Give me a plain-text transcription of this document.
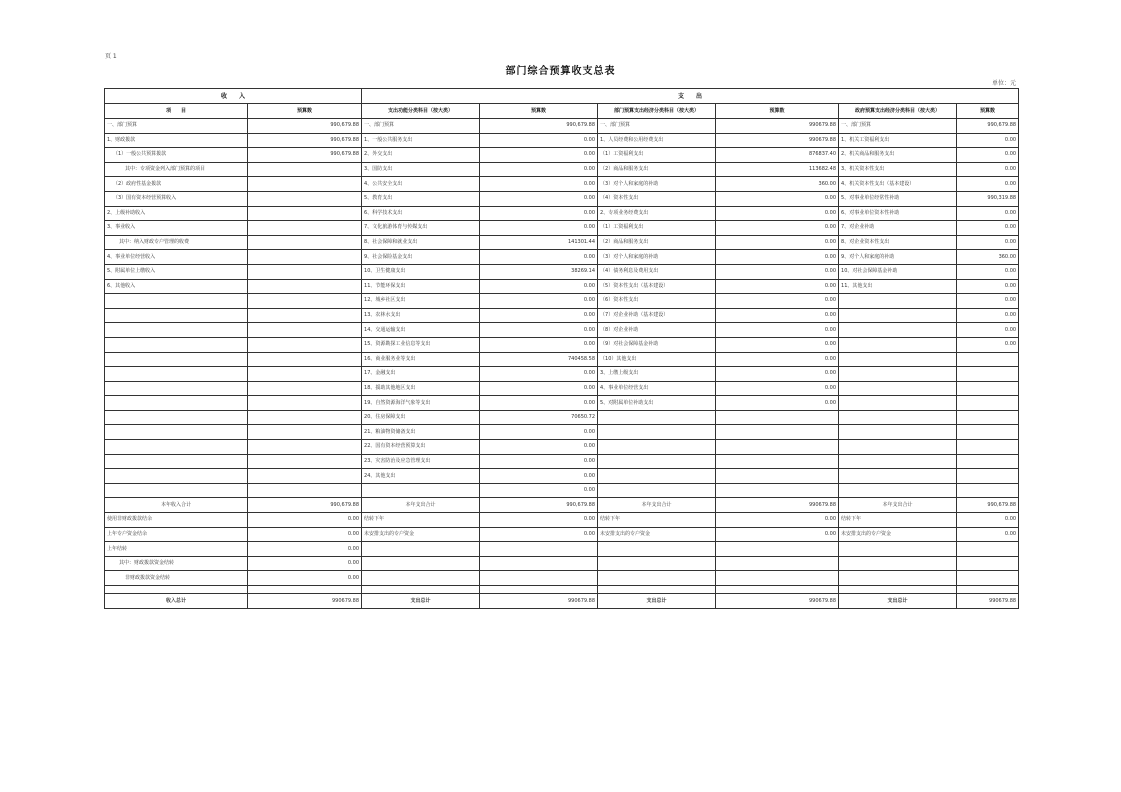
页 1
部门综合预算收支总表
单位：元
收　　入		支　　出					
项　　目	预算数	支出功能分类科目（按大类）	预算数	部门预算支出经济分类科目（按大类）	预算数	政府预算支出经济分类科目（按大类）	预算数
一、部门预算	990,679.88	一、部门预算	990,679.88	一、部门预算	990679.88	一、部门预算	990,679.88
1、财政拨款	990,679.88	1、一般公共服务支出	0.00	1、人员经费和公用经费支出	990679.88	1、机关工资福利支出	0.00
（1）一般公共预算拨款	990,679.88	2、外交支出	0.00	（1）工资福利支出	876837.40	2、机关商品和服务支出	0.00
其中：专项资金列入部门预算的项目		3、国防支出	0.00	（2）商品和服务支出	113682.48	3、机关资本性支出	0.00
（2）政府性基金拨款		4、公共安全支出	0.00	（3）对个人和家庭的补助	360.00	4、机关资本性支出（基本建设）	0.00
（3）国有资本经营预算收入		5、教育支出	0.00	（4）资本性支出	0.00	5、对事业单位经常性补助	990,319.88
2、上级补助收入		6、科学技术支出	0.00	2、专项业务经费支出	0.00	6、对事业单位资本性补助	0.00
3、事业收入		7、文化旅游体育与传媒支出	0.00	（1）工资福利支出	0.00	7、对企业补助	0.00
其中：纳入财政专户管理的收费		8、社会保障和就业支出	141301.44	（2）商品和服务支出	0.00	8、对企业资本性支出	0.00
4、事业单位经营收入		9、社会保险基金支出	0.00	（3）对个人和家庭的补助	0.00	9、对个人和家庭的补助	360.00
5、附属单位上缴收入		10、卫生健康支出	38269.14	（4）债务利息及费用支出	0.00	10、对社会保障基金补助	0.00
6、其他收入		11、节能环保支出	0.00	（5）资本性支出（基本建设）	0.00	11、其他支出	0.00
		12、城乡社区支出	0.00	（6）资本性支出	0.00		0.00
		13、农林水支出	0.00	（7）对企业补助（基本建设）	0.00		0.00
		14、交通运输支出	0.00	（8）对企业补助	0.00		0.00
		15、资源勘探工业信息等支出	0.00	（9）对社会保障基金补助	0.00		0.00
		16、商业服务业等支出	740458.58	（10）其他支出	0.00		
		17、金融支出	0.00	3、上缴上级支出	0.00		
		18、援助其他地区支出	0.00	4、事业单位经营支出	0.00		
		19、自然资源海洋气象等支出	0.00	5、对附属单位补助支出	0.00		
		20、住房保障支出	70650.72				
		21、粮油物资储备支出	0.00				
		22、国有资本经营预算支出	0.00				
		23、灾害防治及应急管理支出	0.00				
		24、其他支出	0.00				
			0.00				
本年收入合计	990,679.88	本年支出合计	990,679.88	本年支出合计	990679.88	本年支出合计	990,679.88
使用非财政拨款结余	0.00	结转下年	0.00	结转下年	0.00	结转下年	0.00
上年专户资金结余	0.00	未安排支出的专户资金	0.00	未安排支出的专户资金	0.00	未安排支出的专户资金	0.00
上年结转	0.00						
其中：财政拨款资金结转	0.00						
非财政拨款资金结转	0.00						

收入总计	990679.88	支出总计	990679.88	支出总计	990679.88	支出总计	990679.88
